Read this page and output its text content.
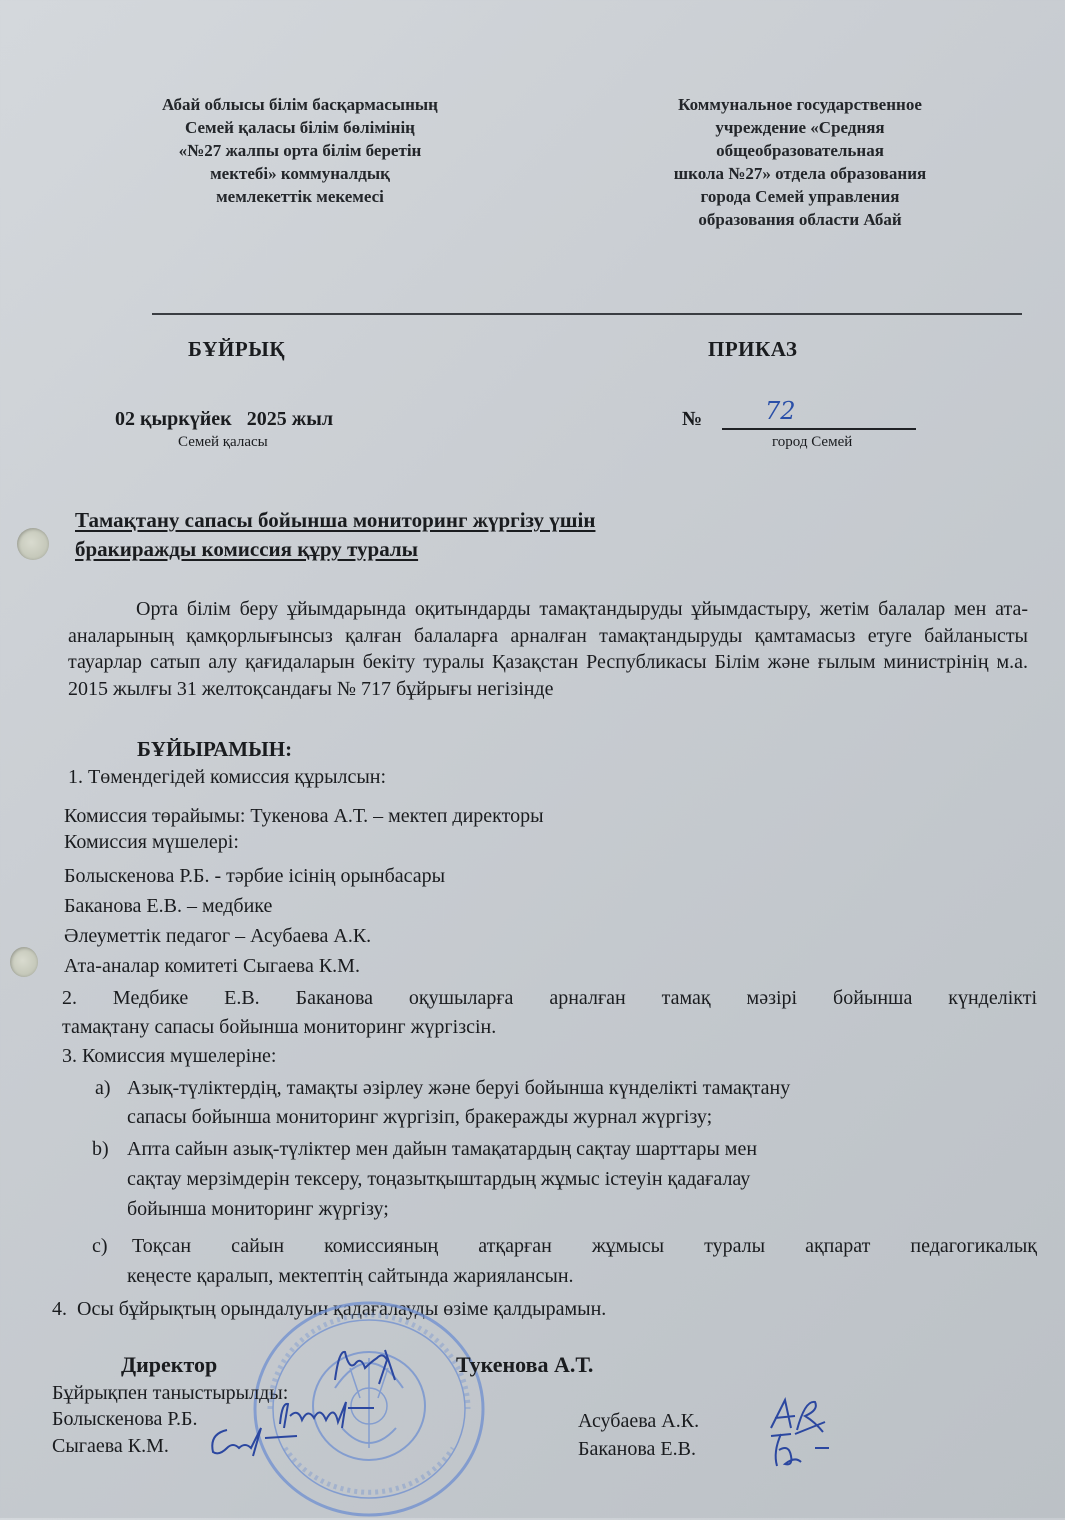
Абай облысы білім басқармасының
Семей қаласы білім бөлімінің
«№27 жалпы орта білім беретін
мектебі» коммуналдық
мемлекеттік мекемесі
Коммунальное государственное
учреждение «Средняя
общеобразовательная
школа №27» отдела образования
города Семей управления
образования области Абай
БҰЙРЫҚ	ПРИКАЗ
02 қыркүйек   2025 жыл
Семей қаласы
№	72
город Семей
Тамақтану сапасы бойынша мониторинг жүргізу үшін
бракиражды комиссия құру туралы
Орта білім беру ұйымдарында оқитындарды тамақтандыруды ұйымдастыру, жетім балалар мен ата-аналарының қамқорлығынсыз қалған балаларға арналған тамақтандыруды қамтамасыз етуге байланысты тауарлар сатып алу қағидаларын бекіту туралы Қазақстан Республикасы Білім және ғылым министрінің м.а. 2015 жылғы 31 желтоқсандағы № 717 бұйрығы негізінде
БҰЙЫРАМЫН:
1. Төмендегідей комиссия құрылсын:
Комиссия төрайымы: Тукенова А.Т. – мектеп директоры
Комиссия мүшелері:
Болыскенова Р.Б. - тәрбие ісінің орынбасары
Баканова Е.В. – медбике
Әлеуметтік педагог – Асубаева А.К.
Ата-аналар комитеті Сыгаева К.М.
2. Медбике Е.В. Баканова оқушыларға арналған тамақ мәзірі бойынша күнделікті
тамақтану сапасы бойынша мониторинг жүргізсін.
3. Комиссия мүшелеріне:
a) Азық-түліктердің, тамақты әзірлеу және беруі бойынша күнделікті тамақтану
сапасы бойынша мониторинг жүргізіп, бракеражды журнал жүргізу;
b) Апта сайын азық-түліктер мен дайын тамақатардың сақтау шарттары мен
сақтау мерзімдерін тексеру, тоңазытқыштардың жұмыс істеуін қадағалау
бойынша мониторинг жүргізу;
c) Тоқсан сайын комиссияның атқарған жұмысы туралы ақпарат педагогикалық
кеңесте қаралып, мектептің сайтында жариялансын.
4.  Осы бұйрықтың орындалуын қадағалауды өзіме қалдырамын.
Директор	Тукенова А.Т.
Бұйрықпен таныстырылды:
Болыскенова Р.Б.
Сыгаева К.М.
Асубаева А.К.
Баканова Е.В.
